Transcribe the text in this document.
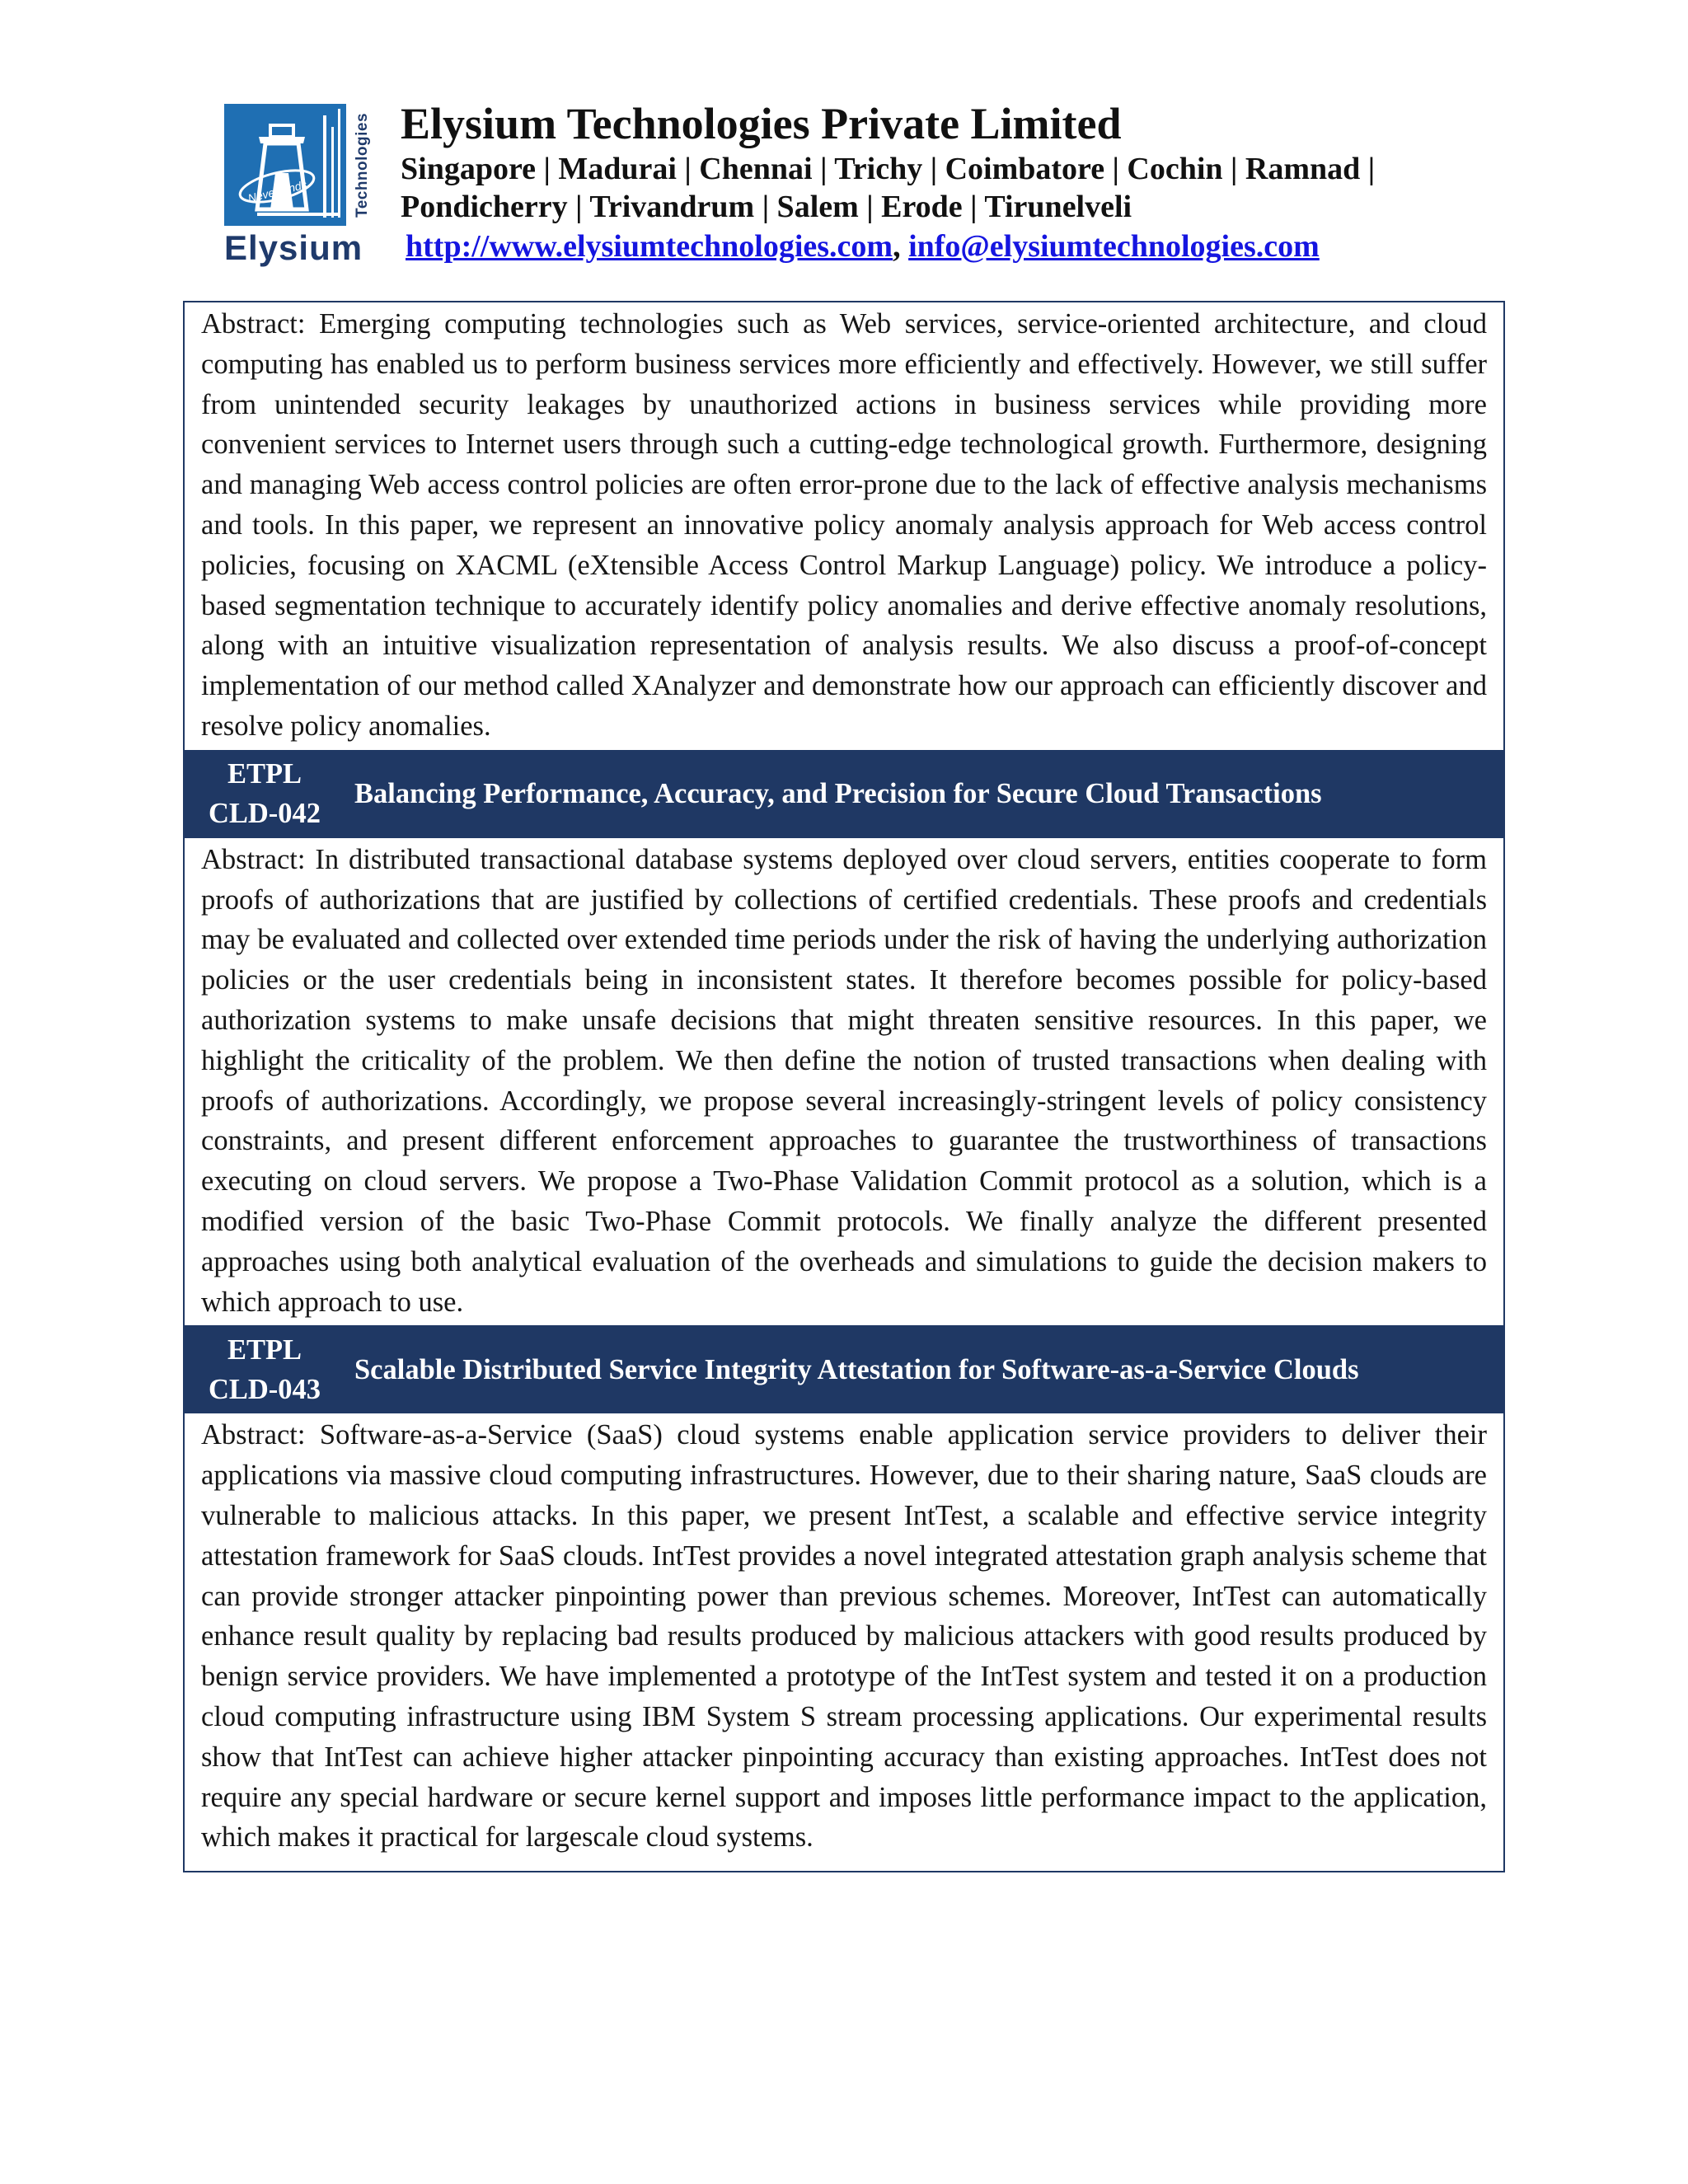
Never Ends	Technologies
Elysium
Elysium Technologies Private Limited
Singapore | Madurai | Chennai | Trichy | Coimbatore | Cochin | Ramnad | Pondicherry | Trivandrum | Salem | Erode | Tirunelveli
http://www.elysiumtechnologies.com, info@elysiumtechnologies.com
Abstract: Emerging computing technologies such as Web services, service-oriented architecture, and cloud computing has enabled us to perform business services more efficiently and effectively. However, we still suffer from unintended security leakages by unauthorized actions in business services while providing more convenient services to Internet users through such a cutting-edge technological growth. Furthermore, designing and managing Web access control policies are often error-prone due to the lack of effective analysis mechanisms and tools. In this paper, we represent an innovative policy anomaly analysis approach for Web access control policies, focusing on XACML (eXtensible Access Control Markup Language) policy. We introduce a policy-based segmentation technique to accurately identify policy anomalies and derive effective anomaly resolutions, along with an intuitive visualization representation of analysis results. We also discuss a proof-of-concept implementation of our method called XAnalyzer and demonstrate how our approach can efficiently discover and resolve policy anomalies.
ETPL
CLD-042
Balancing Performance, Accuracy, and Precision for Secure Cloud Transactions
Abstract: In distributed transactional database systems deployed over cloud servers, entities cooperate to form proofs of authorizations that are justified by collections of certified credentials. These proofs and credentials may be evaluated and collected over extended time periods under the risk of having the underlying authorization policies or the user credentials being in inconsistent states. It therefore becomes possible for policy-based authorization systems to make unsafe decisions that might threaten sensitive resources. In this paper, we highlight the criticality of the problem. We then define the notion of trusted transactions when dealing with proofs of authorizations. Accordingly, we propose several increasingly-stringent levels of policy consistency constraints, and present different enforcement approaches to guarantee the trustworthiness of transactions executing on cloud servers. We propose a Two-Phase Validation Commit protocol as a solution, which is a modified version of the basic Two-Phase Commit protocols. We finally analyze the different presented approaches using both analytical evaluation of the overheads and simulations to guide the decision makers to which approach to use.
ETPL
CLD-043
Scalable Distributed Service Integrity Attestation for Software-as-a-Service Clouds
Abstract: Software-as-a-Service (SaaS) cloud systems enable application service providers to deliver their applications via massive cloud computing infrastructures. However, due to their sharing nature, SaaS clouds are vulnerable to malicious attacks. In this paper, we present IntTest, a scalable and effective service integrity attestation framework for SaaS clouds. IntTest provides a novel integrated attestation graph analysis scheme that can provide stronger attacker pinpointing power than previous schemes. Moreover, IntTest can automatically enhance result quality by replacing bad results produced by malicious attackers with good results produced by benign service providers. We have implemented a prototype of the IntTest system and tested it on a production cloud computing infrastructure using IBM System S stream processing applications. Our experimental results show that IntTest can achieve higher attacker pinpointing accuracy than existing approaches. IntTest does not require any special hardware or secure kernel support and imposes little performance impact to the application, which makes it practical for largescale cloud systems.
